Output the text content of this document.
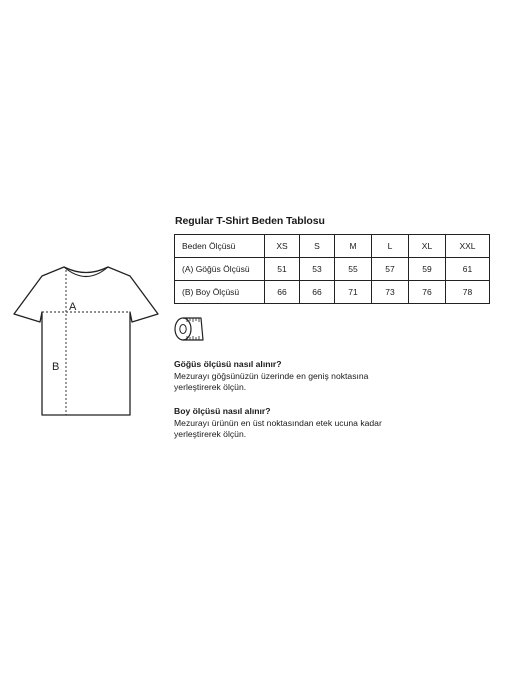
A
B
Regular T-Shirt Beden Tablosu
Beden Ölçüsü	XS	S	M	L	XL	XXL
(A) Göğüs Ölçüsü	51	53	55	57	59	61
(B) Boy Ölçüsü	66	66	71	73	76	78
Göğüs ölçüsü nasıl alınır?
Mezurayı göğsünüzün üzerinde en geniş noktasına yerleştirerek ölçün.
Boy ölçüsü nasıl alınır?
Mezurayı ürünün en üst noktasından etek ucuna kadar yerleştirerek ölçün.
